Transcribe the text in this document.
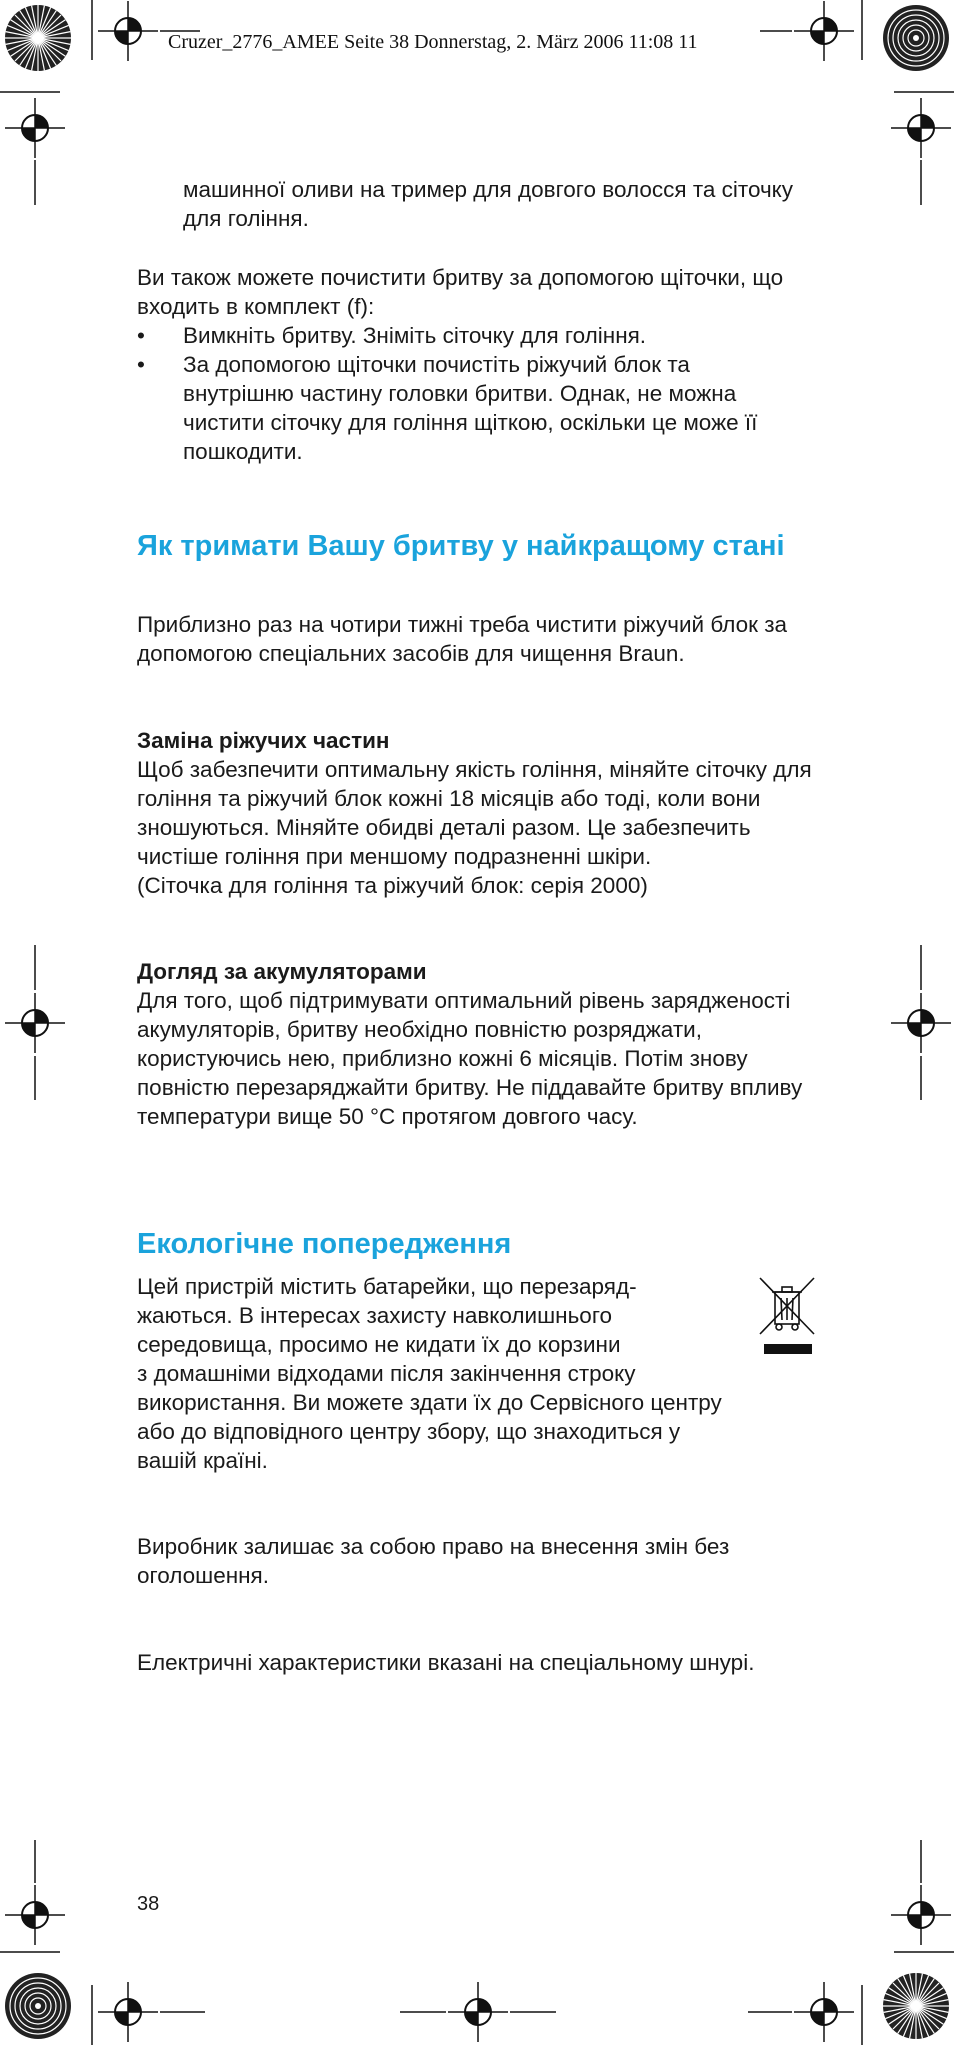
Cruzer_2776_AMEE Seite 38 Donnerstag, 2. März 2006 11:08 11
машинної оливи на тример для довгого волосся та сіточку для гоління.

Ви також можете почистити бритву за допомогою щіточки, що входить в комплект (f):

• Вимкніть бритву. Зніміть сіточку для гоління.
• За допомогою щіточки почистіть ріжучий блок та внутрішню частину головки бритви. Однак, не можна чистити сіточку для гоління щіткою, оскільки це може її пошкодити.
Як тримати Вашу бритву у найкращому стані

Приблизно раз на чотири тижні треба чистити ріжучий блок за допомогою спеціальних засобів для чищення Braun.

Заміна ріжучих частин

Щоб забезпечити оптимальну якість гоління, міняйте сіточку для гоління та ріжучий блок кожні 18 місяців або тоді, коли вони зношуються. Міняйте обидві деталі разом. Це забезпечить чистіше гоління при меншому подразненні шкіри.

(Сіточка для гоління та ріжучий блок: серія 2000)

Догляд за акумуляторами

Для того, щоб підтримувати оптимальний рівень зарядженості акумуляторів, бритву необхідно повністю розряджати, користуючись нею, приблизно кожні 6 місяців. Потім знову повністю перезаряджайти бритву. Не піддавайте бритву впливу температури вище 50 °C протягом довгого часу.

Екологічне попередження

Цей пристрій містить батарейки, що перезаряд-

жаються. В інтересах захисту навколишнього

середовища, просимо не кидати їх до корзини

з домашніми відходами після закінчення строку

використання. Ви можете здати їх до Сервісного центру

або до відповідного центру збору, що знаходиться у

вашій країні.

Виробник залишає за собою право на внесення змін без оголошення.

Електричні характеристики вказані на спеціальному шнурі.

38
